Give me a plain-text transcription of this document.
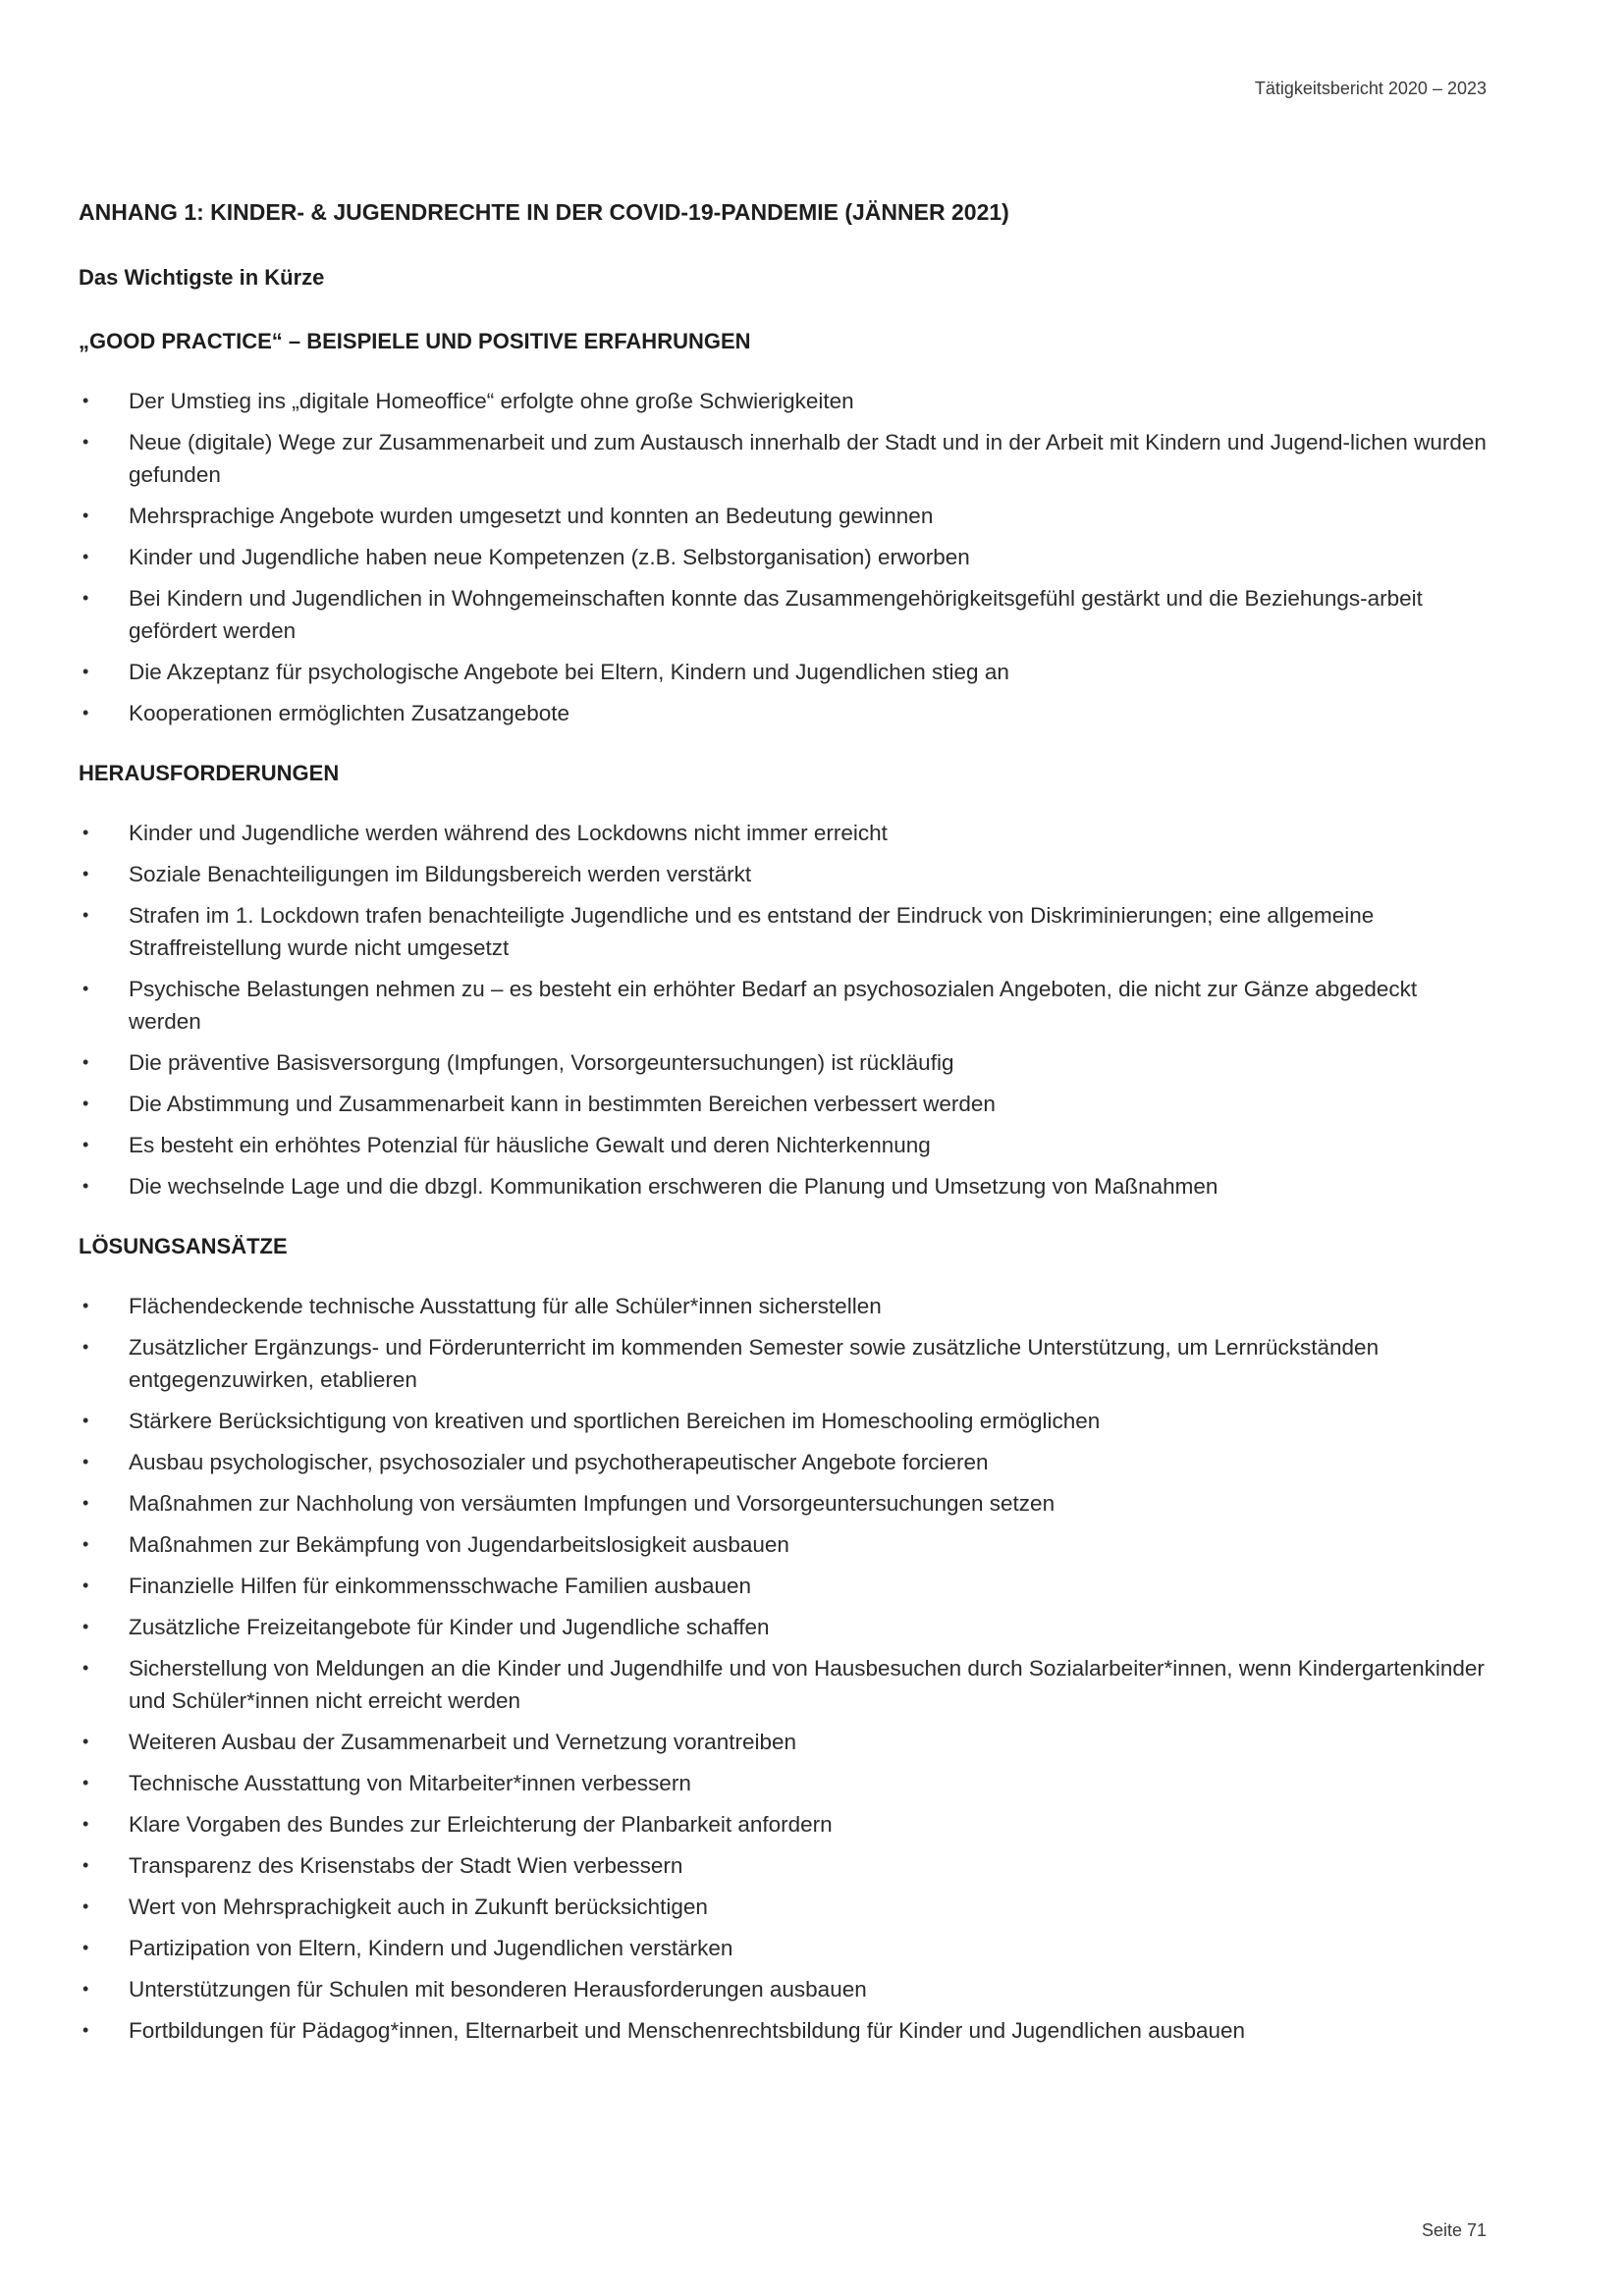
Tätigkeitsbericht 2020 – 2023
ANHANG 1: KINDER- & JUGENDRECHTE IN DER COVID-19-PANDEMIE (JÄNNER 2021)
Das Wichtigste in Kürze
„GOOD PRACTICE“ – BEISPIELE UND POSITIVE ERFAHRUNGEN
• Der Umstieg ins „digitale Homeoffice“ erfolgte ohne große Schwierigkeiten
• Neue (digitale) Wege zur Zusammenarbeit und zum Austausch innerhalb der Stadt und in der Arbeit mit Kindern und Jugend-lichen wurden gefunden
• Mehrsprachige Angebote wurden umgesetzt und konnten an Bedeutung gewinnen
• Kinder und Jugendliche haben neue Kompetenzen (z.B. Selbstorganisation) erworben
• Bei Kindern und Jugendlichen in Wohngemeinschaften konnte das Zusammengehörigkeitsgefühl gestärkt und die Beziehungs-arbeit gefördert werden
• Die Akzeptanz für psychologische Angebote bei Eltern, Kindern und Jugendlichen stieg an
• Kooperationen ermöglichten Zusatzangebote
HERAUSFORDERUNGEN
• Kinder und Jugendliche werden während des Lockdowns nicht immer erreicht
• Soziale Benachteiligungen im Bildungsbereich werden verstärkt
• Strafen im 1. Lockdown trafen benachteiligte Jugendliche und es entstand der Eindruck von Diskriminierungen; eine allgemeine Straffreistellung wurde nicht umgesetzt
• Psychische Belastungen nehmen zu – es besteht ein erhöhter Bedarf an psychosozialen Angeboten, die nicht zur Gänze abgedeckt werden
• Die präventive Basisversorgung (Impfungen, Vorsorgeuntersuchungen) ist rückläufig
• Die Abstimmung und Zusammenarbeit kann in bestimmten Bereichen verbessert werden
• Es besteht ein erhöhtes Potenzial für häusliche Gewalt und deren Nichterkennung
• Die wechselnde Lage und die dbzgl. Kommunikation erschweren die Planung und Umsetzung von Maßnahmen
LÖSUNGSANSÄTZE
• Flächendeckende technische Ausstattung für alle Schüler*innen sicherstellen
• Zusätzlicher Ergänzungs- und Förderunterricht im kommenden Semester sowie zusätzliche Unterstützung, um Lernrückständen entgegenzuwirken, etablieren
• Stärkere Berücksichtigung von kreativen und sportlichen Bereichen im Homeschooling ermöglichen
• Ausbau psychologischer, psychosozialer und psychotherapeutischer Angebote forcieren
• Maßnahmen zur Nachholung von versäumten Impfungen und Vorsorgeuntersuchungen setzen
• Maßnahmen zur Bekämpfung von Jugendarbeitslosigkeit ausbauen
• Finanzielle Hilfen für einkommensschwache Familien ausbauen
• Zusätzliche Freizeitangebote für Kinder und Jugendliche schaffen
• Sicherstellung von Meldungen an die Kinder und Jugendhilfe und von Hausbesuchen durch Sozialarbeiter*innen, wenn Kindergartenkinder und Schüler*innen nicht erreicht werden
• Weiteren Ausbau der Zusammenarbeit und Vernetzung vorantreiben
• Technische Ausstattung von Mitarbeiter*innen verbessern
• Klare Vorgaben des Bundes zur Erleichterung der Planbarkeit anfordern
• Transparenz des Krisenstabs der Stadt Wien verbessern
• Wert von Mehrsprachigkeit auch in Zukunft berücksichtigen
• Partizipation von Eltern, Kindern und Jugendlichen verstärken
• Unterstützungen für Schulen mit besonderen Herausforderungen ausbauen
• Fortbildungen für Pädagog*innen, Elternarbeit und Menschenrechtsbildung für Kinder und Jugendlichen ausbauen
Seite 71
